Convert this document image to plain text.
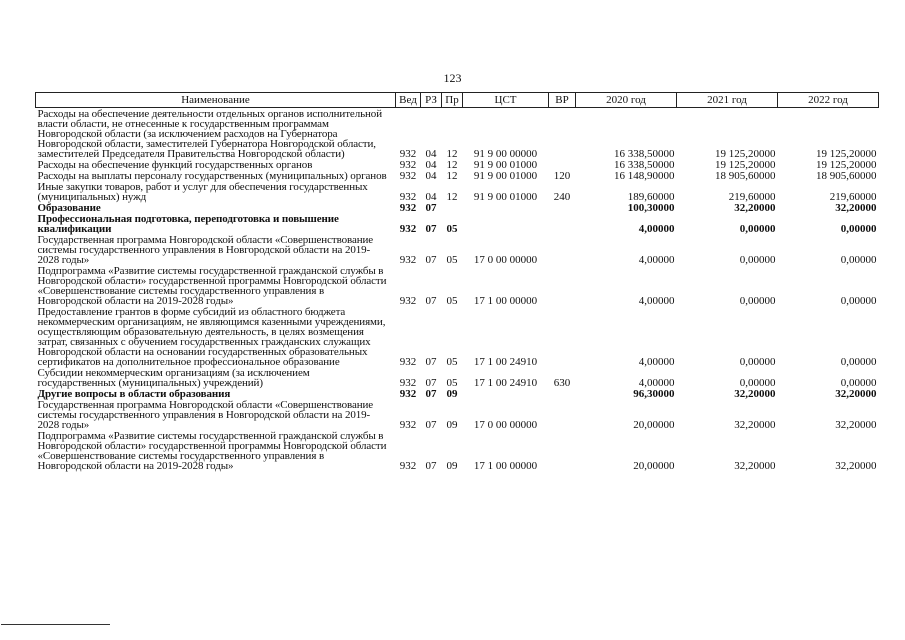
123
Наименование	Вед	РЗ	Пр	ЦСТ	ВР	2020 год	2021 год	2022 год
Расходы на обеспечение деятельности отдельных органов исполнительной власти области, не отнесенные к государственным программам Новгородской области (за исключением расходов на Губернатора Новгородской области, заместителей Губернатора Новгородской области, заместителей Председателя Правительства Новгородской области)	932	04	12	91 9 00 00000		16 338,50000	19 125,20000	19 125,20000
Расходы на обеспечение функций государственных органов	932	04	12	91 9 00 01000		16 338,50000	19 125,20000	19 125,20000
Расходы на выплаты персоналу государственных (муниципальных) органов	932	04	12	91 9 00 01000	120	16 148,90000	18 905,60000	18 905,60000
Иные закупки товаров, работ и услуг для обеспечения государственных (муниципальных) нужд	932	04	12	91 9 00 01000	240	189,60000	219,60000	219,60000
Образование	932	07				100,30000	32,20000	32,20000
Профессиональная подготовка, переподготовка и повышение квалификации	932	07	05			4,00000	0,00000	0,00000
Государственная программа Новгородской области «Совершенствование системы государственного управления в Новгородской области на 2019-2028 годы»	932	07	05	17 0 00 00000		4,00000	0,00000	0,00000
Подпрограмма «Развитие системы государственной гражданской службы в Новгородской области» государственной программы Новгородской области «Совершенствование системы государственного управления в Новгородской области на 2019-2028 годы»	932	07	05	17 1 00 00000		4,00000	0,00000	0,00000
Предоставление грантов в форме субсидий из областного бюджета некоммерческим организациям, не являющимся казенными учреждениями, осуществляющим образовательную деятельность, в целях возмещения затрат, связанных с обучением государственных гражданских служащих Новгородской области на основании государственных образовательных сертификатов на дополнительное профессиональное образование	932	07	05	17 1 00 24910		4,00000	0,00000	0,00000
Субсидии некоммерческим организациям (за исключением государственных (муниципальных) учреждений)	932	07	05	17 1 00 24910	630	4,00000	0,00000	0,00000
Другие вопросы в области образования	932	07	09			96,30000	32,20000	32,20000
Государственная программа Новгородской области «Совершенствование системы государственного управления в Новгородской области на 2019-2028 годы»	932	07	09	17 0 00 00000		20,00000	32,20000	32,20000
Подпрограмма «Развитие системы государственной гражданской службы в Новгородской области» государственной программы Новгородской области «Совершенствование системы государственного управления в Новгородской области на 2019-2028 годы»	932	07	09	17 1 00 00000		20,00000	32,20000	32,20000
